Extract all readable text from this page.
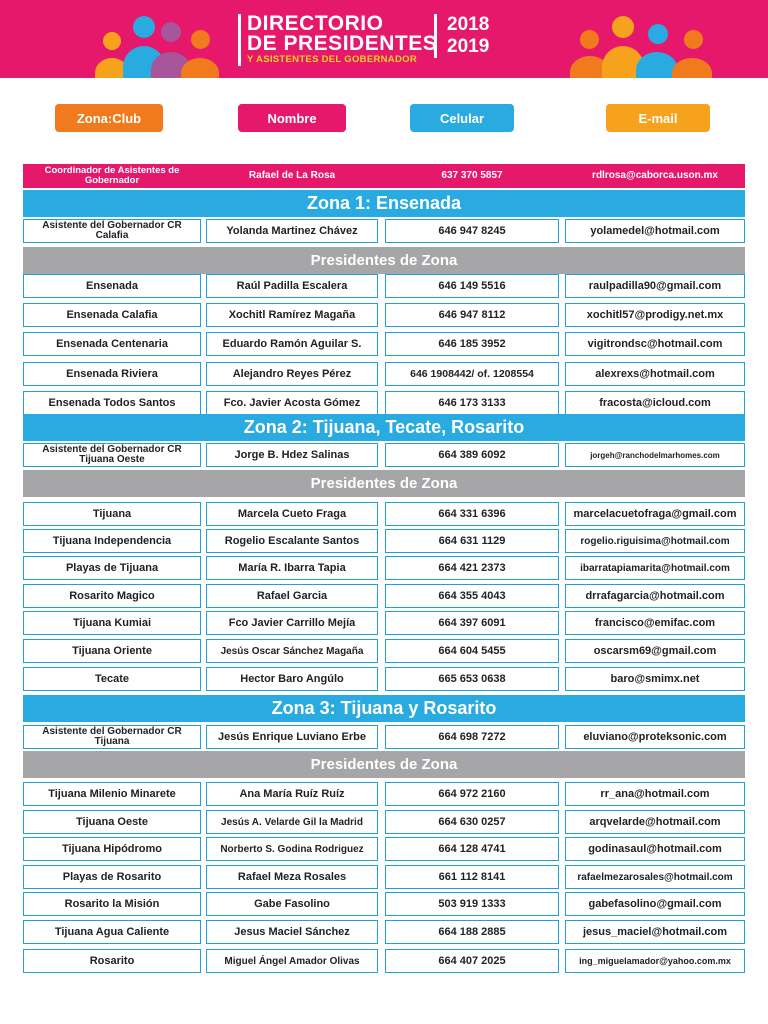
DIRECTORIO
DE PRESIDENTES
Y ASISTENTES DEL GOBERNADOR
2018
2019
Zona:Club	Nombre	Celular	E-mail
Coordinador de Asistentes de Gobernador	Rafael de La Rosa	637 370 5857	rdlrosa@caborca.uson.mx
Zona 1: Ensenada
Asistente del Gobernador CR Calafia	Yolanda Martinez Chávez	646 947 8245	yolamedel@hotmail.com
Presidentes de Zona
Ensenada	Raúl Padilla Escalera	646 149 5516	raulpadilla90@gmail.com
Ensenada Calafia	Xochitl Ramírez Magaña	646 947 8112	xochitl57@prodigy.net.mx
Ensenada Centenaria	Eduardo Ramón Aguilar S.	646 185 3952	vigitrondsc@hotmail.com
Ensenada Riviera	Alejandro Reyes Pérez	646 1908442/ of. 1208554	alexrexs@hotmail.com
Ensenada Todos Santos	Fco. Javier Acosta Gómez	646 173 3133	fracosta@icloud.com
Zona 2: Tijuana, Tecate, Rosarito
Asistente del Gobernador CR Tijuana Oeste	Jorge B. Hdez Salinas	664 389 6092	jorgeh@ranchodelmarhomes.com
Presidentes de Zona
Tijuana	Marcela Cueto Fraga	664 331 6396	marcelacuetofraga@gmail.com
Tijuana Independencia	Rogelio Escalante Santos	664 631 1129	rogelio.riguisima@hotmail.com
Playas de Tijuana	María R. Ibarra Tapia	664 421 2373	ibarratapiamarita@hotmail.com
Rosarito Magico	Rafael Garcia	664 355 4043	drrafagarcia@hotmail.com
Tijuana Kumiai	Fco Javier Carrillo Mejía	664 397 6091	francisco@emifac.com
Tijuana Oriente	Jesús Oscar Sánchez Magaña	664 604 5455	oscarsm69@gmail.com
Tecate	Hector Baro Angúlo	665 653 0638	baro@smimx.net
Zona 3: Tijuana y Rosarito
Asistente del Gobernador CR Tijuana	Jesús Enrique Luviano Erbe	664 698 7272	eluviano@proteksonic.com
Presidentes de Zona
Tijuana Milenio Minarete	Ana María Ruíz Ruíz	664 972 2160	rr_ana@hotmail.com
Tijuana Oeste	Jesús A. Velarde Gil la Madrid	664 630 0257	arqvelarde@hotmail.com
Tijuana Hipódromo	Norberto S. Godina Rodriguez	664 128 4741	godinasaul@hotmail.com
Playas de Rosarito	Rafael Meza Rosales	661 112 8141	rafaelmezarosales@hotmail.com
Rosarito la Misión	Gabe Fasolino	503 919 1333	gabefasolino@gmail.com
Tijuana Agua Caliente	Jesus Maciel Sánchez	664 188 2885	jesus_maciel@hotmail.com
Rosarito	Miguel Ángel Amador Olivas	664 407 2025	ing_miguelamador@yahoo.com.mx
